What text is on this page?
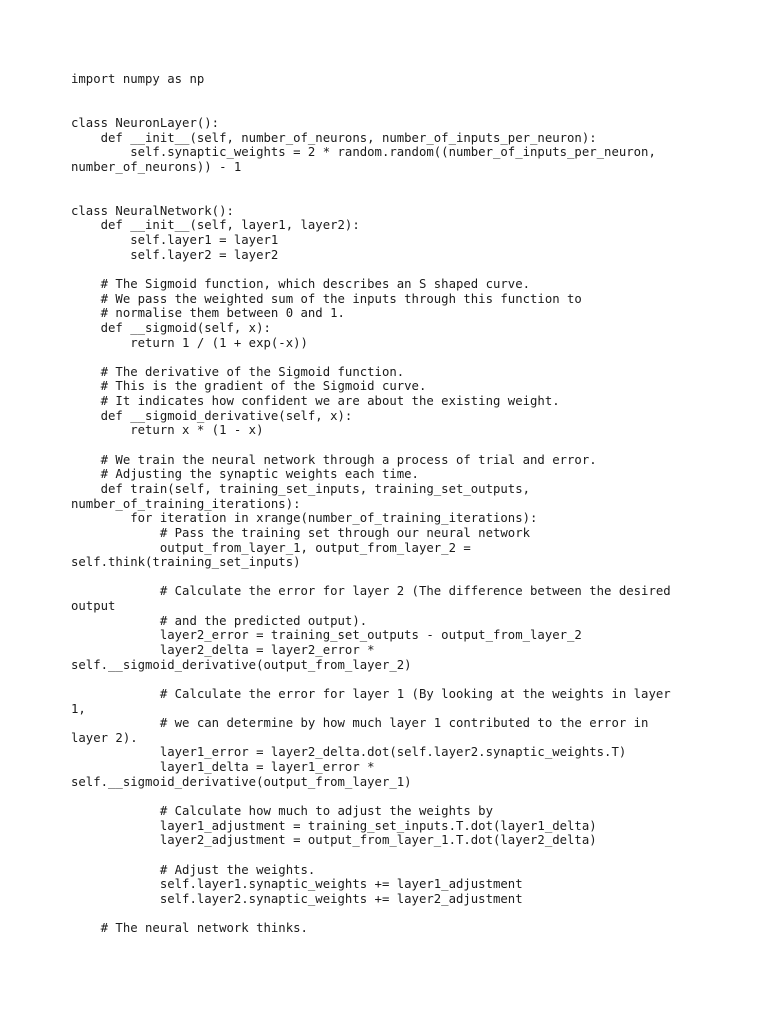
import numpy as np
class NeuronLayer():
def __init__(self, number_of_neurons, number_of_inputs_per_neuron):
self.synaptic_weights = 2 * random.random((number_of_inputs_per_neuron,
number_of_neurons)) - 1
class NeuralNetwork():
def __init__(self, layer1, layer2):
self.layer1 = layer1
self.layer2 = layer2
# The Sigmoid function, which describes an S shaped curve.
# We pass the weighted sum of the inputs through this function to
# normalise them between 0 and 1.
def __sigmoid(self, x):
return 1 / (1 + exp(-x))
# The derivative of the Sigmoid function.
# This is the gradient of the Sigmoid curve.
# It indicates how confident we are about the existing weight.
def __sigmoid_derivative(self, x):
return x * (1 - x)
# We train the neural network through a process of trial and error.
# Adjusting the synaptic weights each time.
def train(self, training_set_inputs, training_set_outputs,
number_of_training_iterations):
for iteration in xrange(number_of_training_iterations):
# Pass the training set through our neural network
output_from_layer_1, output_from_layer_2 =
self.think(training_set_inputs)
# Calculate the error for layer 2 (The difference between the desired
output
# and the predicted output).
layer2_error = training_set_outputs - output_from_layer_2
layer2_delta = layer2_error *
self.__sigmoid_derivative(output_from_layer_2)
# Calculate the error for layer 1 (By looking at the weights in layer
1,
# we can determine by how much layer 1 contributed to the error in
layer 2).
layer1_error = layer2_delta.dot(self.layer2.synaptic_weights.T)
layer1_delta = layer1_error *
self.__sigmoid_derivative(output_from_layer_1)
# Calculate how much to adjust the weights by
layer1_adjustment = training_set_inputs.T.dot(layer1_delta)
layer2_adjustment = output_from_layer_1.T.dot(layer2_delta)
# Adjust the weights.
self.layer1.synaptic_weights += layer1_adjustment
self.layer2.synaptic_weights += layer2_adjustment
# The neural network thinks.
